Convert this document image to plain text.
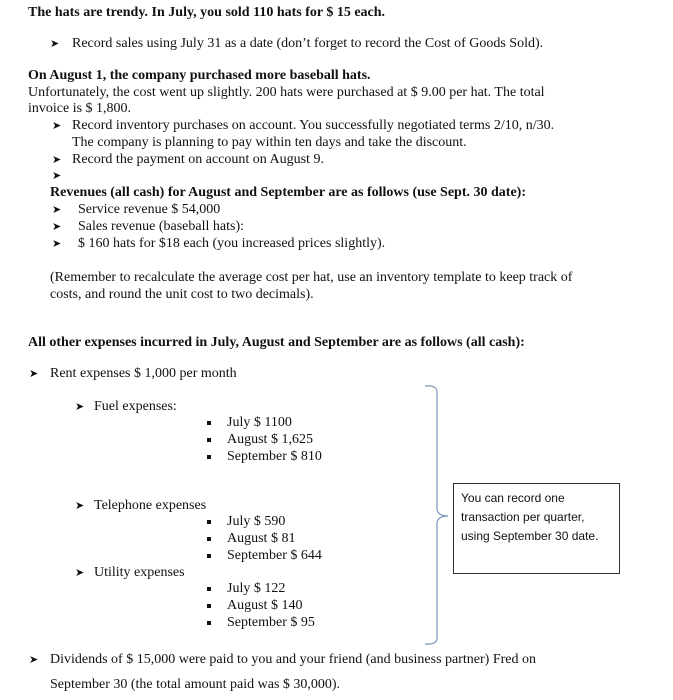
The hats are trendy. In July, you sold 110 hats for $ 15 each.
➤ Record sales using July 31 as a date (don’t forget to record the Cost of Goods Sold).
On August 1, the company purchased more baseball hats.
Unfortunately, the cost went up slightly. 200 hats were purchased at $ 9.00 per hat. The total
invoice is $ 1,800.
➤ Record inventory purchases on account. You successfully negotiated terms 2/10, n/30.
The company is planning to pay within ten days and take the discount.
➤ Record the payment on account on August 9.
➤
Revenues (all cash) for August and September are as follows (use Sept. 30 date):
➤ Service revenue $ 54,000
➤ Sales revenue (baseball hats):
➤ $ 160 hats for $18 each (you increased prices slightly).
(Remember to recalculate the average cost per hat, use an inventory template to keep track of
costs, and round the unit cost to two decimals).
All other expenses incurred in July, August and September are as follows (all cash):
➤ Rent expenses $ 1,000 per month
➤ Fuel expenses:
July $ 1100
August $ 1,625
September $ 810
➤ Telephone expenses
July $ 590
August $ 81
September $ 644
➤ Utility expenses
July $ 122
August $ 140
September $ 95
You can record one
transaction per quarter,
using September 30 date.
➤ Dividends of $ 15,000 were paid to you and your friend (and business partner) Fred on
September 30 (the total amount paid was $ 30,000).
